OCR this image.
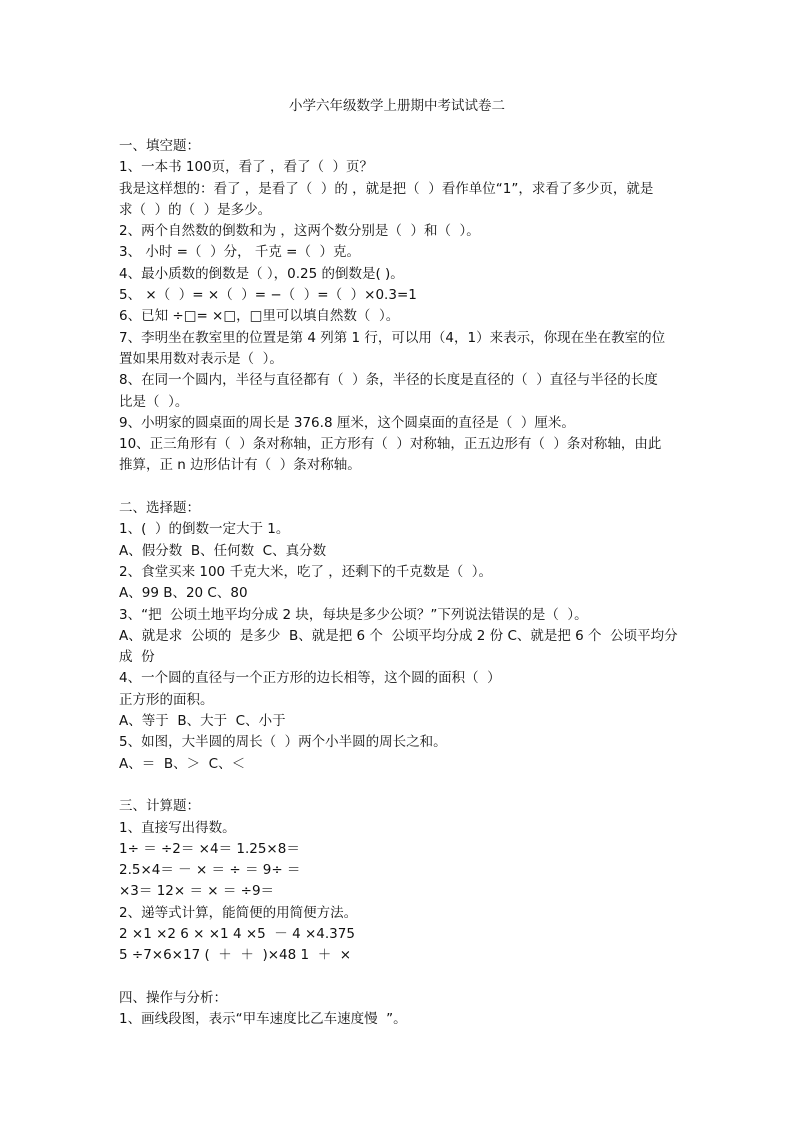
小学六年级数学上册期中考试试卷二

一、填空题：

1、一本书 100页，看了 ，看了（  ）页？

我是这样想的：看了 ，是看了（  ）的 ，就是把（  ）看作单位“1”，求看了多少页，就是

求（  ）的（  ）是多少。

2、两个自然数的倒数和为 ，这两个数分别是（  ）和（  ）。

3、 小时 =（  ）分， 千克 =（  ）克。

4、最小质数的倒数是（ ），0.25 的倒数是( )。

5、 ×（  ）= ×（  ）= −（  ）=（  ）×0.3=1

6、已知 ÷□= ×□，□里可以填自然数（  ）。

7、李明坐在教室里的位置是第 4 列第 1 行，可以用（4，1）来表示，你现在坐在教室的位

置如果用数对表示是（  ）。

8、在同一个圆内，半径与直径都有（  ）条，半径的长度是直径的（  ）直径与半径的长度

比是（  ）。

9、小明家的圆桌面的周长是 376.8 厘米，这个圆桌面的直径是（  ）厘米。

10、正三角形有（  ）条对称轴，正方形有（  ）对称轴，正五边形有（  ）条对称轴，由此

推算，正 n 边形估计有（  ）条对称轴。

二、选择题：

1、(  ）的倒数一定大于 1。

A、假分数  B、任何数  C、真分数

2、食堂买来 100 千克大米，吃了 ，还剩下的千克数是（  ）。

A、99 B、20 C、80

3、“把  公顷土地平均分成 2 块，每块是多少公顷？”下列说法错误的是（  ）。

A、就是求  公顷的  是多少  B、就是把 6 个  公顷平均分成 2 份 C、就是把 6 个  公顷平均分

成  份

4、一个圆的直径与一个正方形的边长相等，这个圆的面积（  ）

正方形的面积。

A、等于  B、大于  C、小于

5、如图，大半圆的周长（  ）两个小半圆的周长之和。

A、＝  B、＞  C、＜

三、计算题：

1、直接写出得数。

1÷ ＝ ÷2＝ ×4＝ 1.25×8＝

2.5×4＝ － × ＝ ÷ ＝ 9÷ ＝

×3＝ 12× ＝ × ＝ ÷9＝

2、递等式计算，能简便的用简便方法。

2 ×1 ×2 6 × ×1 4 ×5  － 4 ×4.375

5 ÷7×6×17 (  ＋  ＋  )×48 1  ＋  ×

四、操作与分析：

1、画线段图，表示“甲车速度比乙车速度慢  ”。
